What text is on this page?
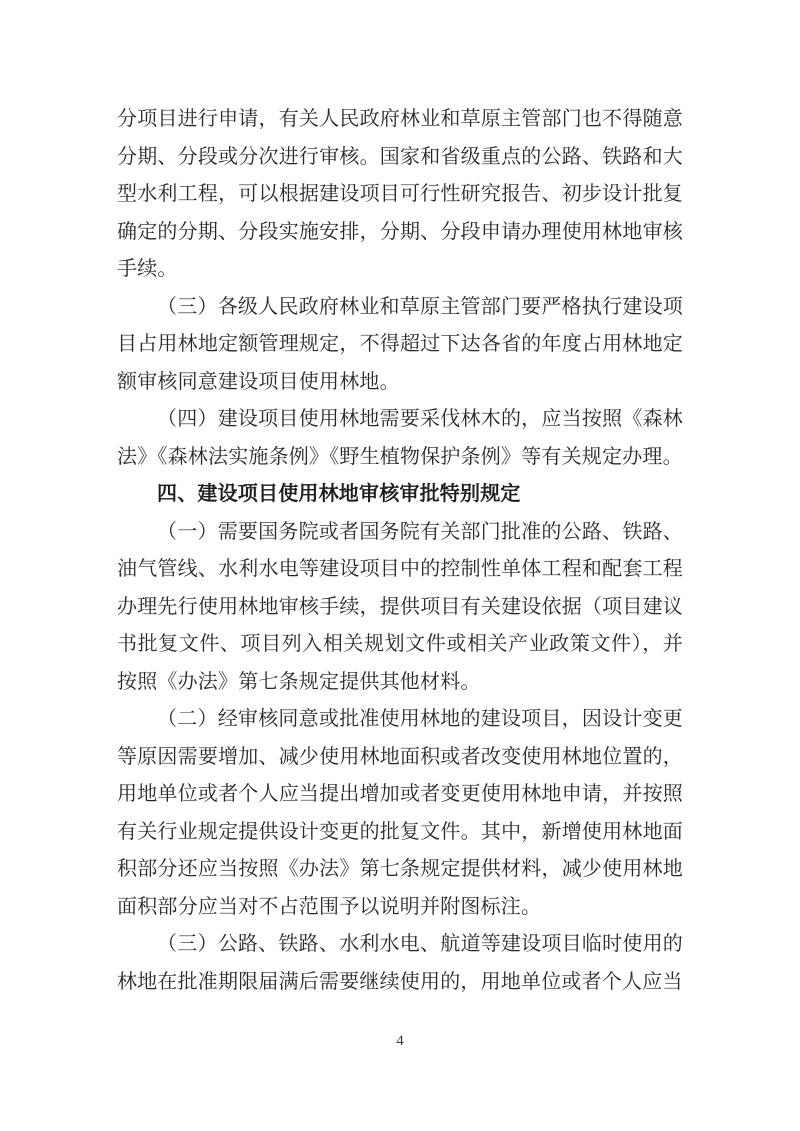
分项目进行申请，有关人民政府林业和草原主管部门也不得随意分期、分段或分次进行审核。国家和省级重点的公路、铁路和大型水利工程，可以根据建设项目可行性研究报告、初步设计批复确定的分期、分段实施安排，分期、分段申请办理使用林地审核手续。

（三）各级人民政府林业和草原主管部门要严格执行建设项目占用林地定额管理规定，不得超过下达各省的年度占用林地定额审核同意建设项目使用林地。

（四）建设项目使用林地需要采伐林木的，应当按照《森林法》《森林法实施条例》《野生植物保护条例》等有关规定办理。

四、建设项目使用林地审核审批特别规定

（一）需要国务院或者国务院有关部门批准的公路、铁路、油气管线、水利水电等建设项目中的控制性单体工程和配套工程办理先行使用林地审核手续，提供项目有关建设依据（项目建议书批复文件、项目列入相关规划文件或相关产业政策文件），并按照《办法》第七条规定提供其他材料。

（二）经审核同意或批准使用林地的建设项目，因设计变更等原因需要增加、减少使用林地面积或者改变使用林地位置的，用地单位或者个人应当提出增加或者变更使用林地申请，并按照有关行业规定提供设计变更的批复文件。其中，新增使用林地面积部分还应当按照《办法》第七条规定提供材料，减少使用林地面积部分应当对不占范围予以说明并附图标注。

（三）公路、铁路、水利水电、航道等建设项目临时使用的林地在批准期限届满后需要继续使用的，用地单位或者个人应当

4
